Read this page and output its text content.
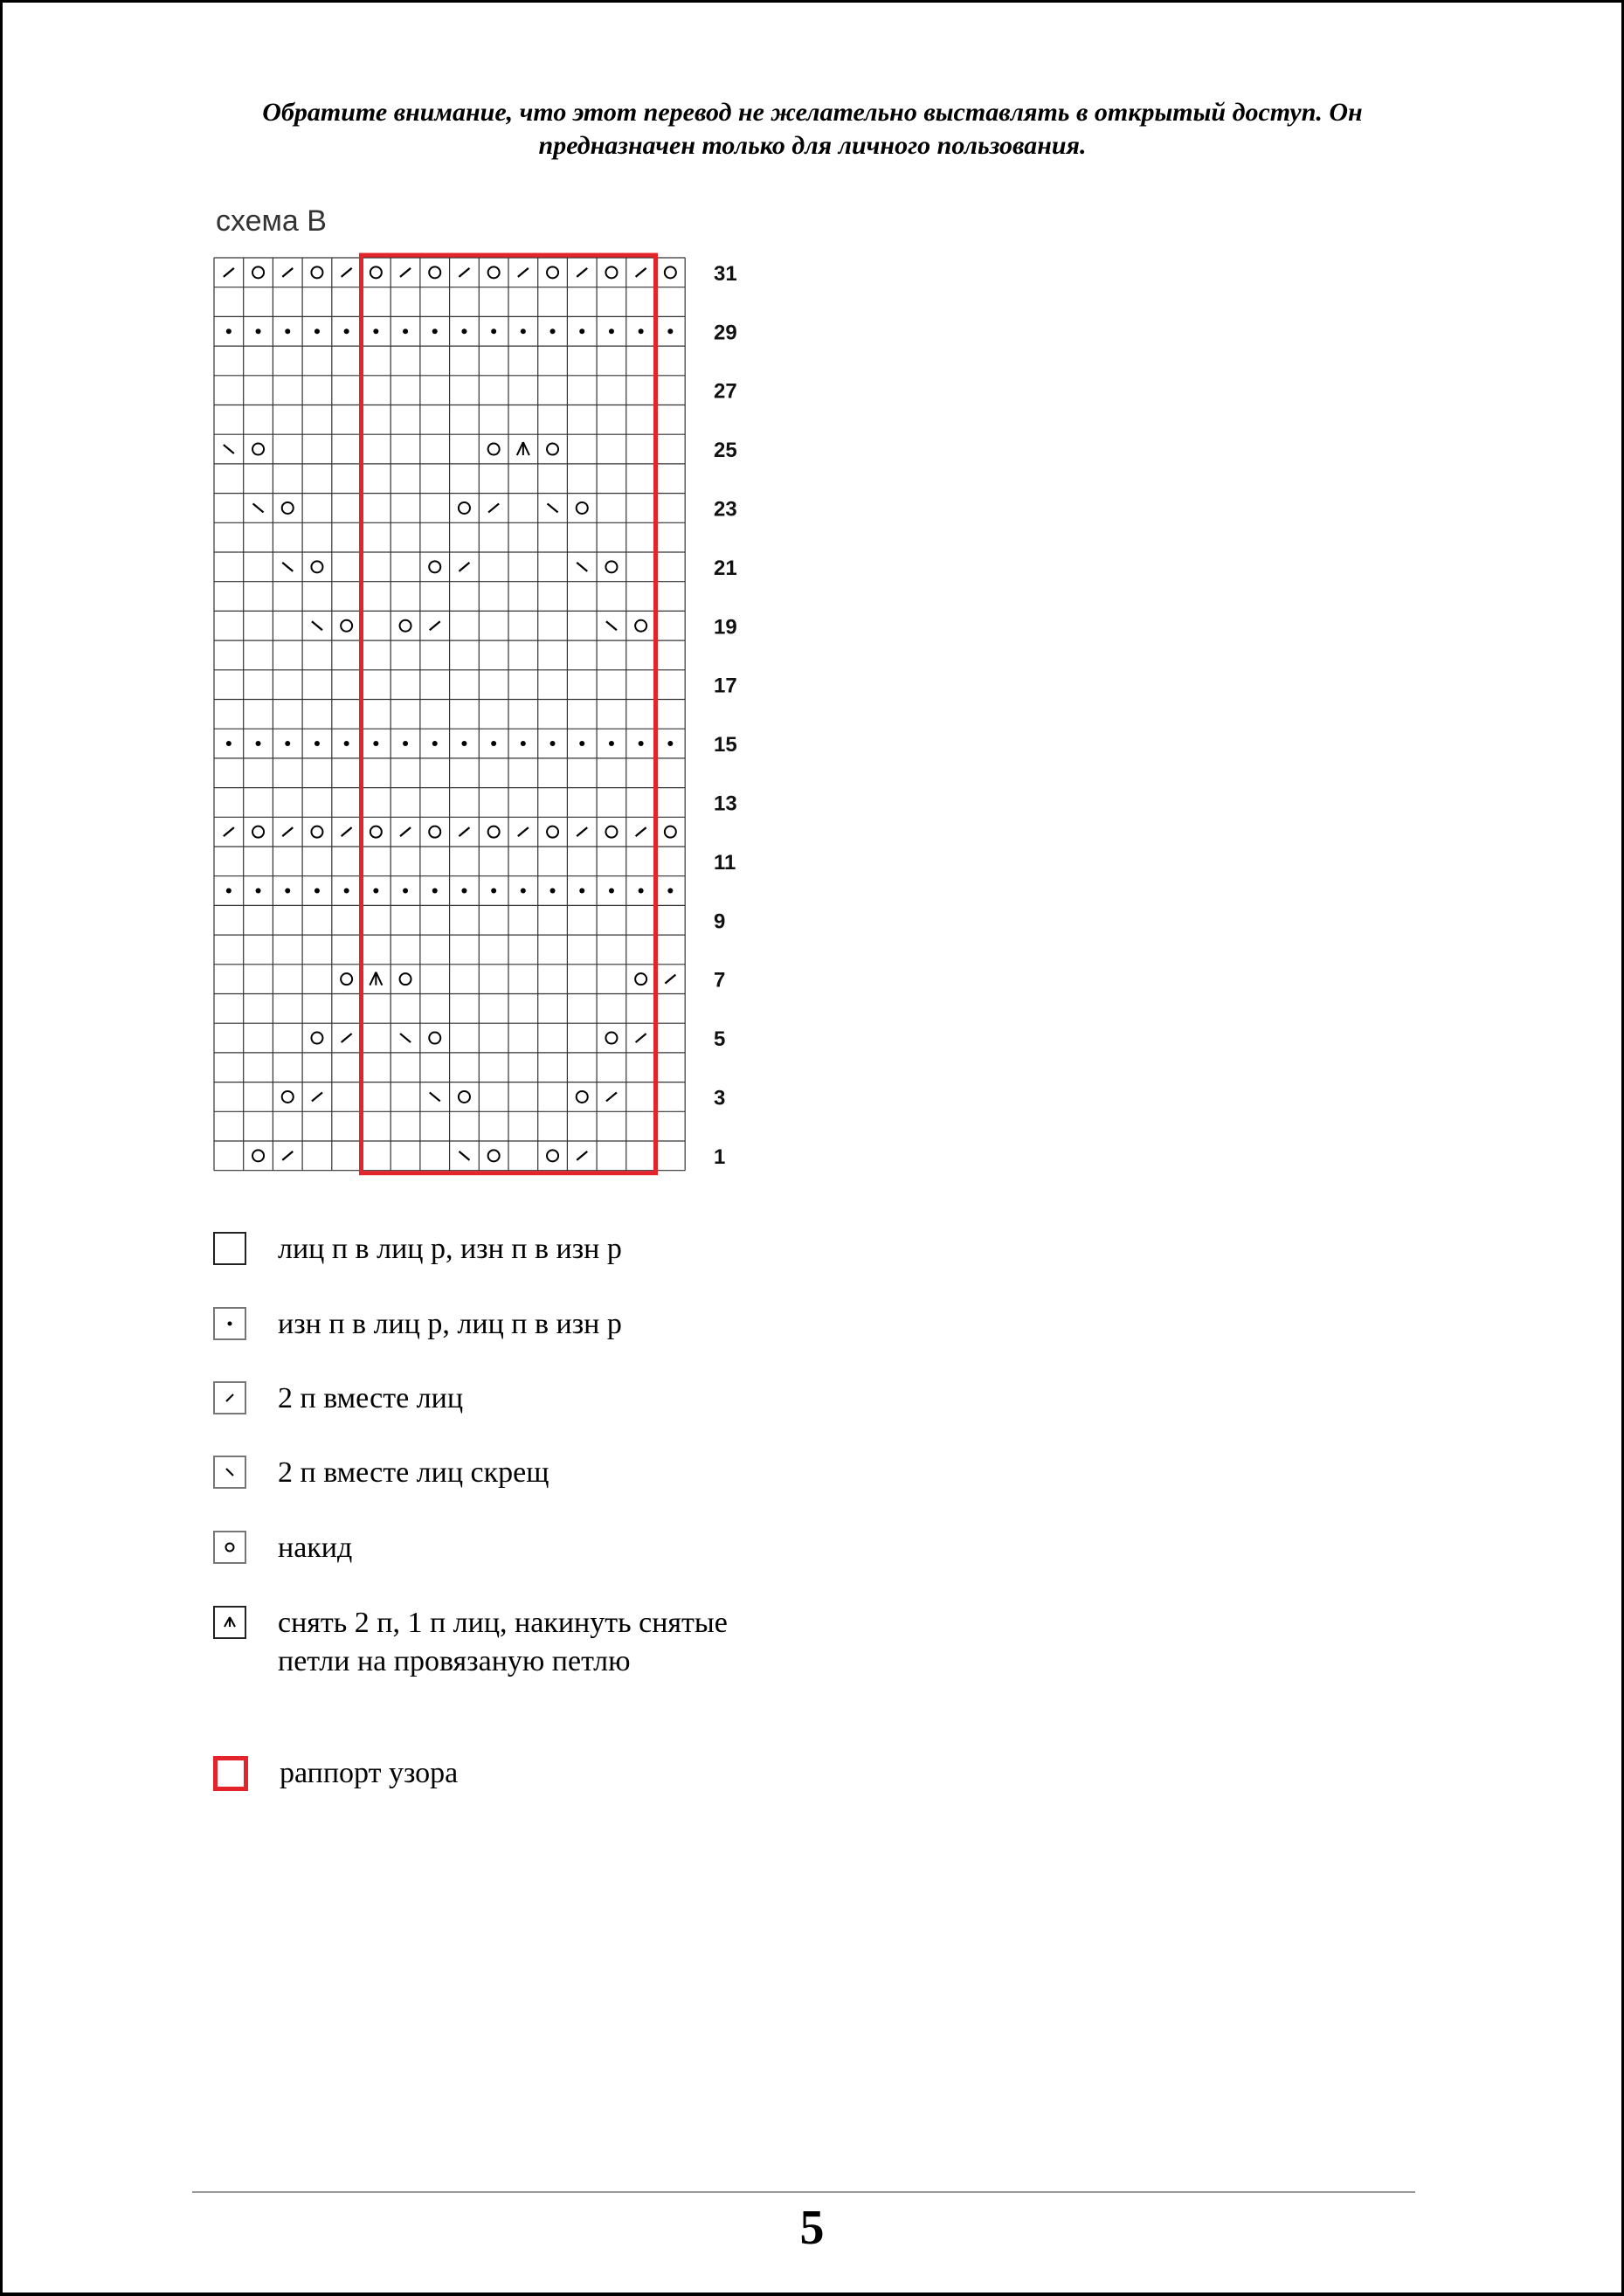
Обратите внимание, что этот перевод не желательно выставлять в открытый доступ. Он предназначен только для личного пользования.
схема В
31
29
27
25
23
21
19
17
15
13
11
9
7
5
3
1
лиц п в лиц р, изн п в изн р
изн п в лиц р, лиц п в изн р
2 п вместе лиц
2 п вместе лиц скрещ
накид
снять 2 п, 1 п лиц, накинуть снятые петли на провязаную петлю
раппорт узора
5
